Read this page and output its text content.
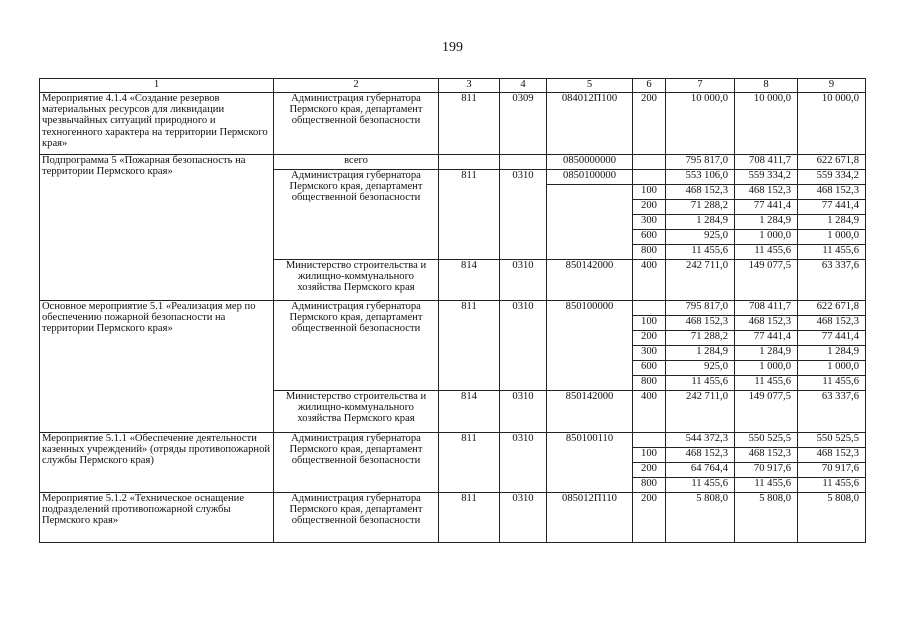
199
1	2	3	4	5	6	7	8	9
Мероприятие 4.1.4 «Создание резервов материальных ресурсов для ликвидации чрезвычайных ситуаций природного и техногенного характера на территории Пермского края»	Администрация губернатора Пермского края, департамент общественной безопасности	811	0309	084012П100	200	10 000,0	10 000,0	10 000,0
Подпрограмма 5 «Пожарная безопасность на территории Пермского края»	всего			0850000000		795 817,0	708 411,7	622 671,8
	Администрация губернатора Пермского края, департамент общественной безопасности	811	0310	0850100000		553 106,0	559 334,2	559 334,2
					100	468 152,3	468 152,3	468 152,3
					200	71 288,2	77 441,4	77 441,4
					300	1 284,9	1 284,9	1 284,9
					600	925,0	1 000,0	1 000,0
					800	11 455,6	11 455,6	11 455,6
	Министерство строительства и жилищно-коммунального хозяйства Пермского края	814	0310	850142000	400	242 711,0	149 077,5	63 337,6
Основное мероприятие 5.1 «Реализация мер по обеспечению пожарной безопасности на территории Пермского края»	Администрация губернатора Пермского края, департамент общественной безопасности	811	0310	850100000		795 817,0	708 411,7	622 671,8
					100	468 152,3	468 152,3	468 152,3
					200	71 288,2	77 441,4	77 441,4
					300	1 284,9	1 284,9	1 284,9
					600	925,0	1 000,0	1 000,0
					800	11 455,6	11 455,6	11 455,6
	Министерство строительства и жилищно-коммунального хозяйства Пермского края	814	0310	850142000	400	242 711,0	149 077,5	63 337,6
Мероприятие 5.1.1 «Обеспечение деятельности казенных учреждений» (отряды противопожарной службы Пермского края)	Администрация губернатора Пермского края, департамент общественной безопасности	811	0310	850100110		544 372,3	550 525,5	550 525,5
					100	468 152,3	468 152,3	468 152,3
					200	64 764,4	70 917,6	70 917,6
					800	11 455,6	11 455,6	11 455,6
Мероприятие 5.1.2 «Техническое оснащение подразделений противопожарной службы Пермского края»	Администрация губернатора Пермского края, департамент общественной безопасности	811	0310	085012П110	200	5 808,0	5 808,0	5 808,0
